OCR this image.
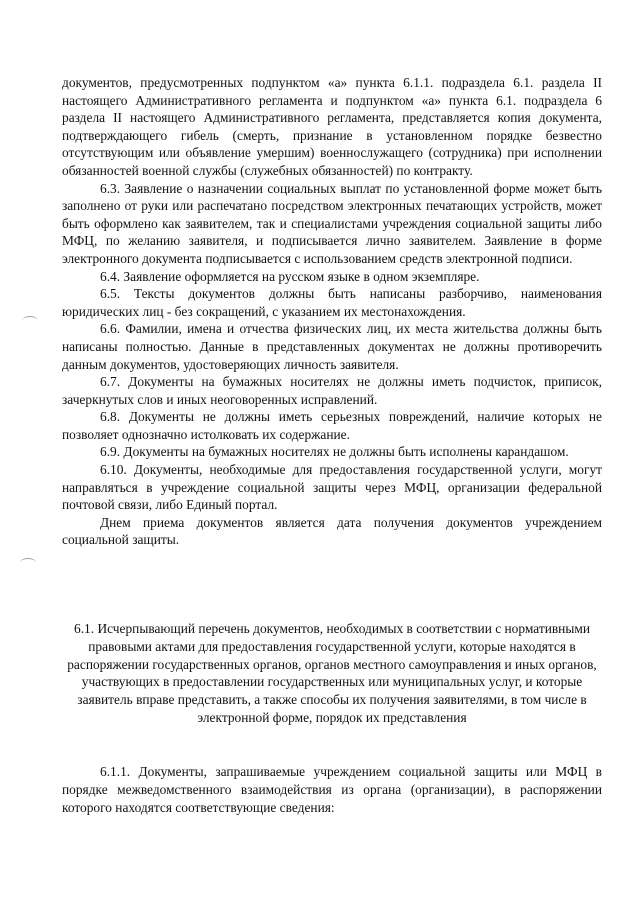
документов, предусмотренных подпунктом «а» пункта 6.1.1. подраздела 6.1. раздела II настоящего Административного регламента и подпунктом «а» пункта 6.1. подраздела 6 раздела II настоящего Административного регламента, представляется копия документа, подтверждающего гибель (смерть, признание в установленном порядке безвестно отсутствующим или объявление умершим) военнослужащего (сотрудника) при исполнении обязанностей военной службы (служебных обязанностей) по контракту.

6.3. Заявление о назначении социальных выплат по установленной форме может быть заполнено от руки или распечатано посредством электронных печатающих устройств, может быть оформлено как заявителем, так и специалистами учреждения социальной защиты либо МФЦ, по желанию заявителя, и подписывается лично заявителем. Заявление в форме электронного документа подписывается с использованием средств электронной подписи.

6.4. Заявление оформляется на русском языке в одном экземпляре.

6.5. Тексты документов должны быть написаны разборчиво, наименования юридических лиц - без сокращений, с указанием их местонахождения.

6.6. Фамилии, имена и отчества физических лиц, их места жительства должны быть написаны полностью. Данные в представленных документах не должны противоречить данным документов, удостоверяющих личность заявителя.

6.7. Документы на бумажных носителях не должны иметь подчисток, приписок, зачеркнутых слов и иных неоговоренных исправлений.

6.8. Документы не должны иметь серьезных повреждений, наличие которых не позволяет однозначно истолковать их содержание.

6.9. Документы на бумажных носителях не должны быть исполнены карандашом.

6.10. Документы, необходимые для предоставления государственной услуги, могут направляться в учреждение социальной защиты через МФЦ, организации федеральной почтовой связи, либо Единый портал.

Днем приема документов является дата получения документов учреждением социальной защиты.

6.1. Исчерпывающий перечень документов, необходимых в соответствии с нормативными правовыми актами для предоставления государственной услуги, которые находятся в распоряжении государственных органов, органов местного самоуправления и иных органов, участвующих в предоставлении государственных или муниципальных услуг, и которые заявитель вправе представить, а также способы их получения заявителями, в том числе в электронной форме, порядок их представления

6.1.1. Документы, запрашиваемые учреждением социальной защиты или МФЦ в порядке межведомственного взаимодействия из органа (организации), в распоряжении которого находятся соответствующие сведения:
